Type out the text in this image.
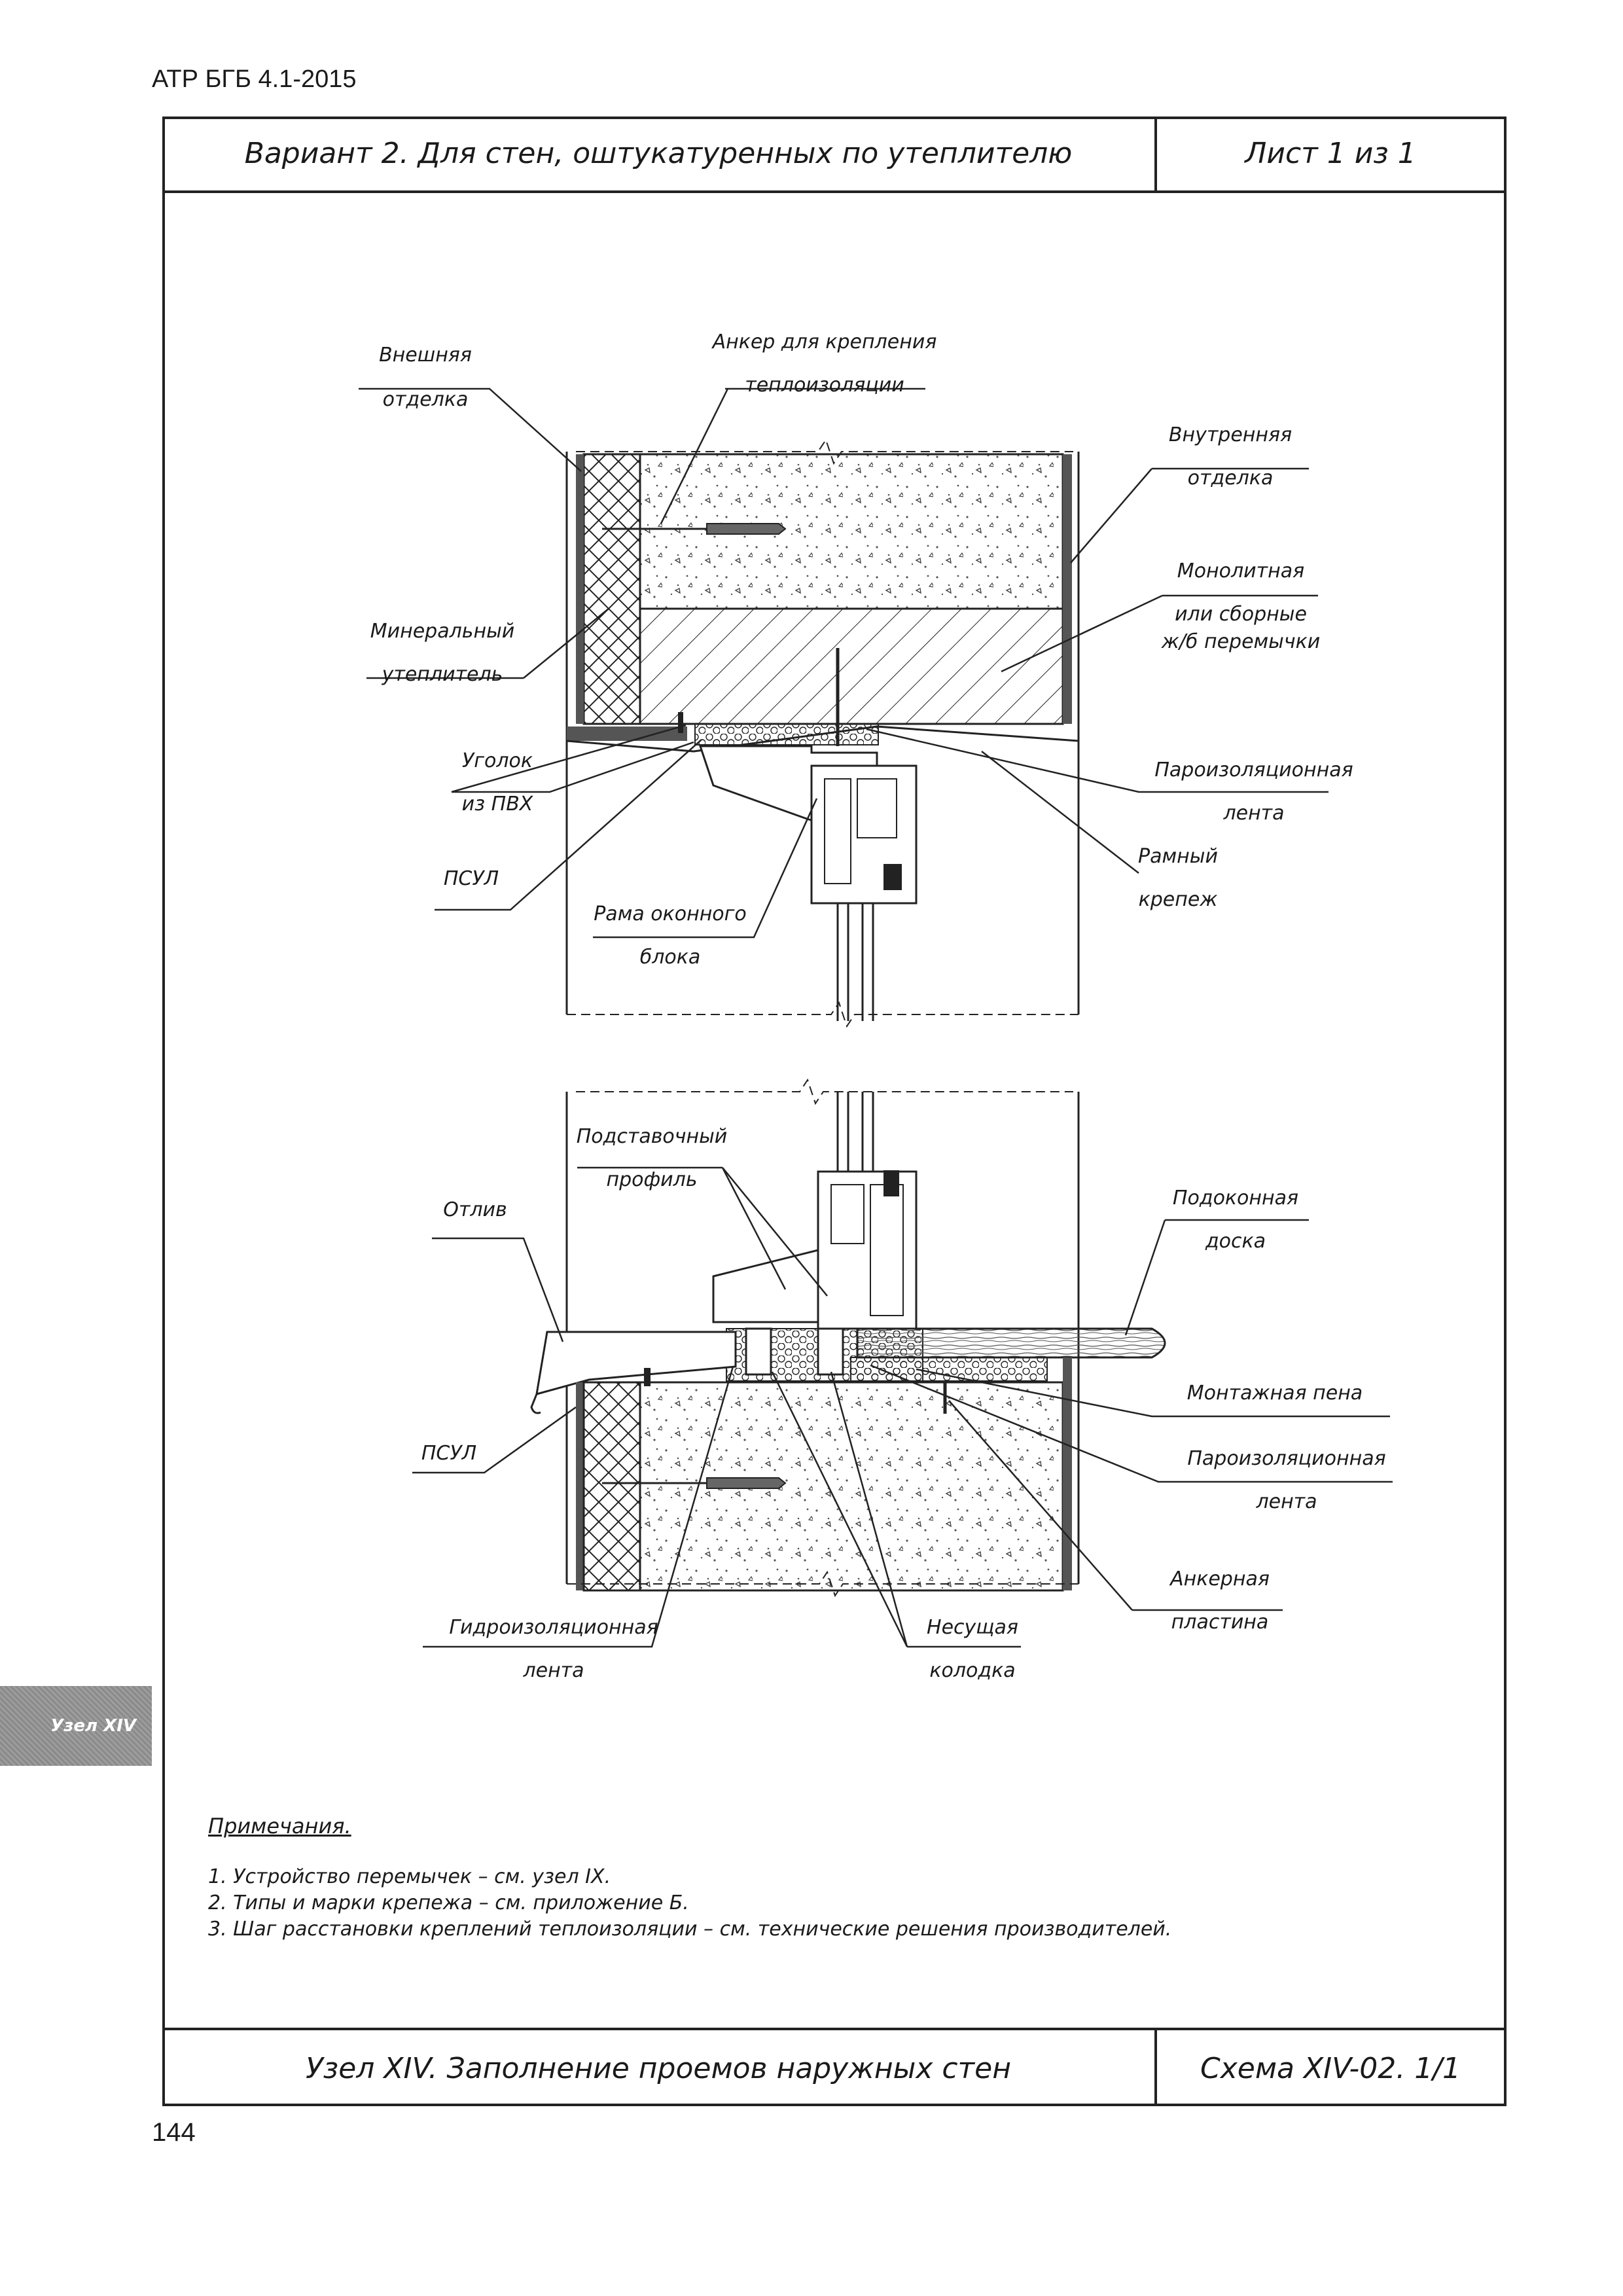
АТР БГБ 4.1-2015
Вариант 2. Для стен, оштукатуренных по утеплителю	Лист 1 из 1
Внешняя
отделка
Анкер для крепления
теплоизоляции
Внутренняя
отделка
Монолитная
или сборные
ж/б перемычки
Минеральный
утеплитель
Уголок
из ПВХ
ПСУЛ
Пароизоляционная
лента
Рамный
крепеж
Рама оконного
блока
Подставочный
профиль
Отлив
Подоконная
доска
Монтажная пена
Пароизоляционная
лента
ПСУЛ
Анкерная
пластина
Гидроизоляционная
лента
Несущая
колодка
Примечания.
1. Устройство перемычек – см. узел IX.
2. Типы и марки крепежа – см. приложение Б.
3. Шаг расстановки креплений теплоизоляции – см. технические решения производителей.
Узел XIV. Заполнение проемов наружных стен	Схема XIV-02. 1/1
Узел XIV
144
